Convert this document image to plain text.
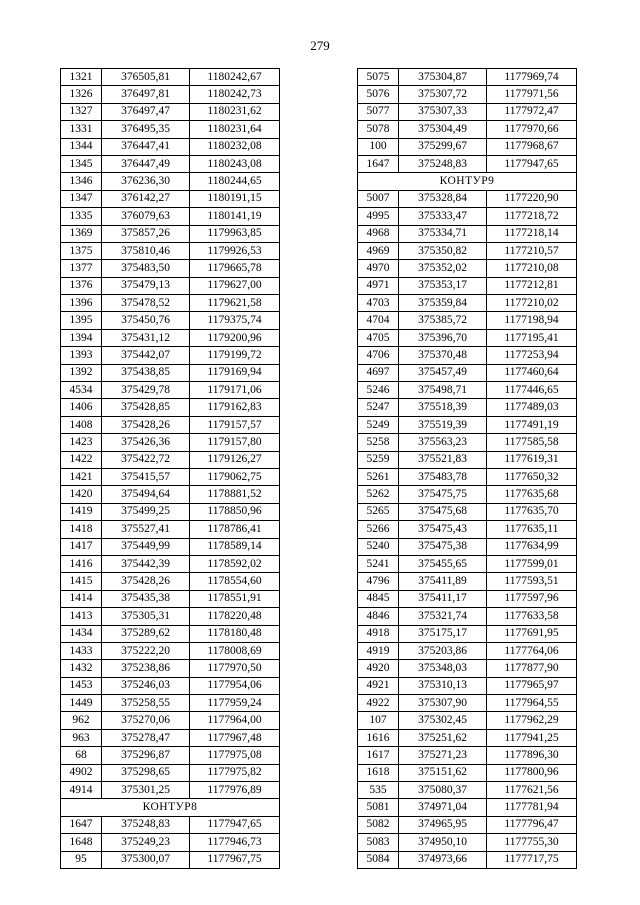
279
1321	376505,81	1180242,67
1326	376497,81	1180242,73
1327	376497,47	1180231,62
1331	376495,35	1180231,64
1344	376447,41	1180232,08
1345	376447,49	1180243,08
1346	376236,30	1180244,65
1347	376142,27	1180191,15
1335	376079,63	1180141,19
1369	375857,26	1179963,85
1375	375810,46	1179926,53
1377	375483,50	1179665,78
1376	375479,13	1179627,00
1396	375478,52	1179621,58
1395	375450,76	1179375,74
1394	375431,12	1179200,96
1393	375442,07	1179199,72
1392	375438,85	1179169,94
4534	375429,78	1179171,06
1406	375428,85	1179162,83
1408	375428,26	1179157,57
1423	375426,36	1179157,80
1422	375422,72	1179126,27
1421	375415,57	1179062,75
1420	375494,64	1178881,52
1419	375499,25	1178850,96
1418	375527,41	1178786,41
1417	375449,99	1178589,14
1416	375442,39	1178592,02
1415	375428,26	1178554,60
1414	375435,38	1178551,91
1413	375305,31	1178220,48
1434	375289,62	1178180,48
1433	375222,20	1178008,69
1432	375238,86	1177970,50
1453	375246,03	1177954,06
1449	375258,55	1177959,24
962	375270,06	1177964,00
963	375278,47	1177967,48
68	375296,87	1177975,08
4902	375298,65	1177975,82
4914	375301,25	1177976,89
КОНТУР8		
1647	375248,83	1177947,65
1648	375249,23	1177946,73
95	375300,07	1177967,75
5075	375304,87	1177969,74
5076	375307,72	1177971,56
5077	375307,33	1177972,47
5078	375304,49	1177970,66
100	375299,67	1177968,67
1647	375248,83	1177947,65
КОНТУР9		
5007	375328,84	1177220,90
4995	375333,47	1177218,72
4968	375334,71	1177218,14
4969	375350,82	1177210,57
4970	375352,02	1177210,08
4971	375353,17	1177212,81
4703	375359,84	1177210,02
4704	375385,72	1177198,94
4705	375396,70	1177195,41
4706	375370,48	1177253,94
4697	375457,49	1177460,64
5246	375498,71	1177446,65
5247	375518,39	1177489,03
5249	375519,39	1177491,19
5258	375563,23	1177585,58
5259	375521,83	1177619,31
5261	375483,78	1177650,32
5262	375475,75	1177635,68
5265	375475,68	1177635,70
5266	375475,43	1177635,11
5240	375475,38	1177634,99
5241	375455,65	1177599,01
4796	375411,89	1177593,51
4845	375411,17	1177597,96
4846	375321,74	1177633,58
4918	375175,17	1177691,95
4919	375203,86	1177764,06
4920	375348,03	1177877,90
4921	375310,13	1177965,97
4922	375307,90	1177964,55
107	375302,45	1177962,29
1616	375251,62	1177941,25
1617	375271,23	1177896,30
1618	375151,62	1177800,96
535	375080,37	1177621,56
5081	374971,04	1177781,94
5082	374965,95	1177796,47
5083	374950,10	1177755,30
5084	374973,66	1177717,75
